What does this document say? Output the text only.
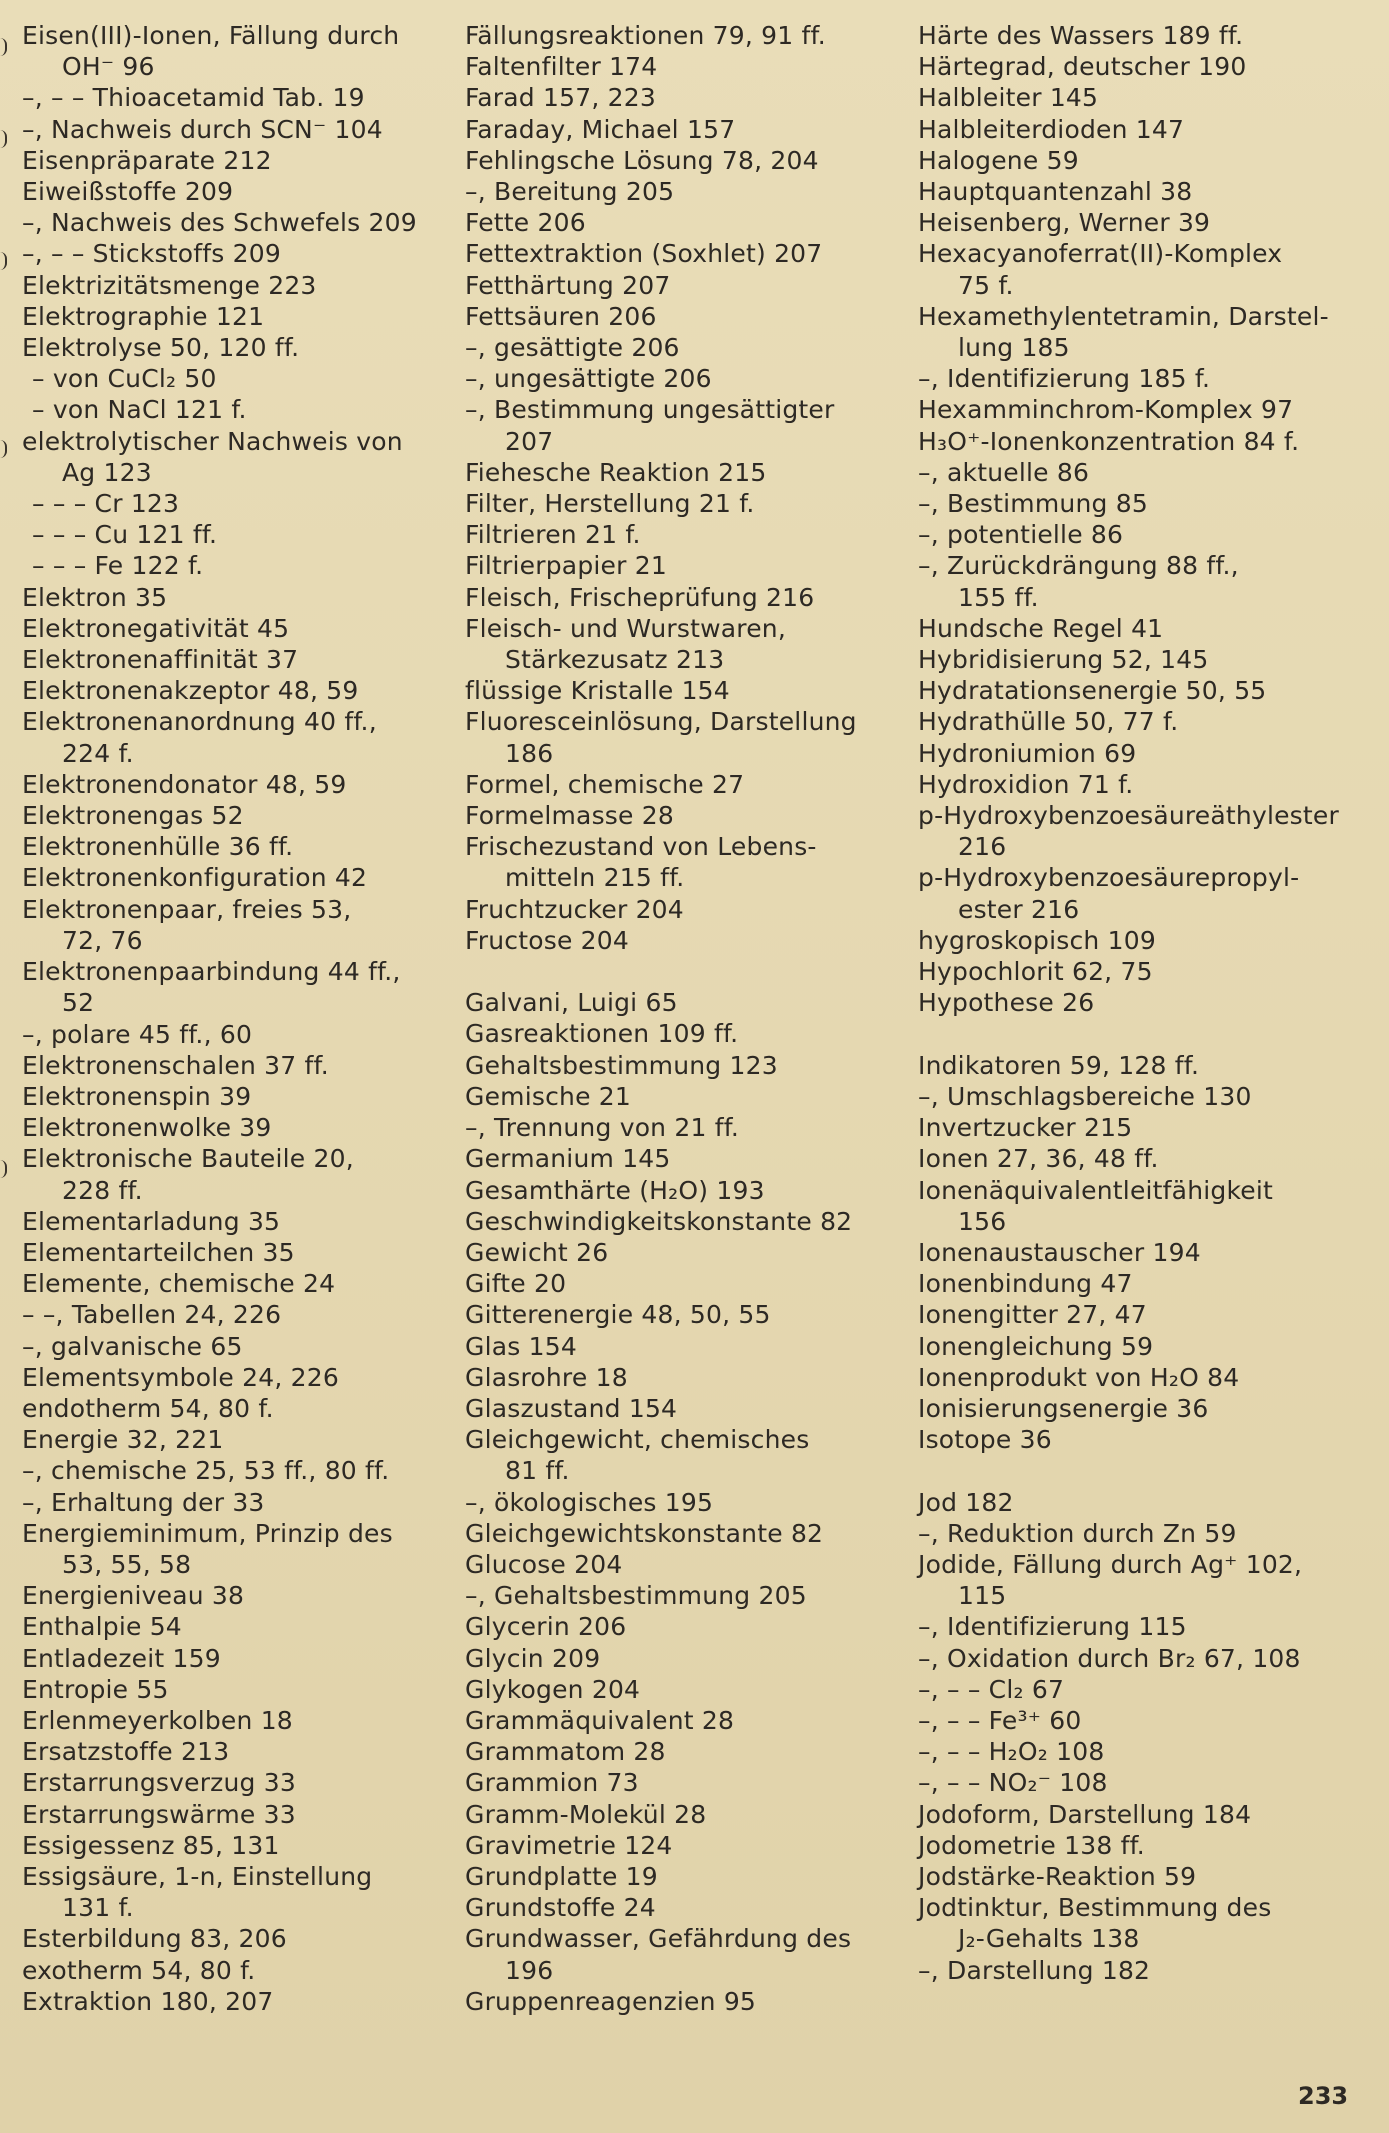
Eisen(III)-Ionen, Fällung durch
OH⁻ 96
–, – – Thioacetamid Tab. 19
–, Nachweis durch SCN⁻ 104
Eisenpräparate 212
Eiweißstoffe 209
–, Nachweis des Schwefels 209
–, – – Stickstoffs 209
Elektrizitätsmenge 223
Elektrographie 121
Elektrolyse 50, 120 ff.
– von CuCl₂ 50
– von NaCl 121 f.
elektrolytischer Nachweis von
Ag 123
– – – Cr 123
– – – Cu 121 ff.
– – – Fe 122 f.
Elektron 35
Elektronegativität 45
Elektronenaffinität 37
Elektronenakzeptor 48, 59
Elektronenanordnung 40 ff.,
224 f.
Elektronendonator 48, 59
Elektronengas 52
Elektronenhülle 36 ff.
Elektronenkonfiguration 42
Elektronenpaar, freies 53,
72, 76
Elektronenpaarbindung 44 ff.,
52
–, polare 45 ff., 60
Elektronenschalen 37 ff.
Elektronenspin 39
Elektronenwolke 39
Elektronische Bauteile 20,
228 ff.
Elementarladung 35
Elementarteilchen 35
Elemente, chemische 24
– –, Tabellen 24, 226
–, galvanische 65
Elementsymbole 24, 226
endotherm 54, 80 f.
Energie 32, 221
–, chemische 25, 53 ff., 80 ff.
–, Erhaltung der 33
Energieminimum, Prinzip des
53, 55, 58
Energieniveau 38
Enthalpie 54
Entladezeit 159
Entropie 55
Erlenmeyerkolben 18
Ersatzstoffe 213
Erstarrungsverzug 33
Erstarrungswärme 33
Essigessenz 85, 131
Essigsäure, 1-n, Einstellung
131 f.
Esterbildung 83, 206
exotherm 54, 80 f.
Extraktion 180, 207
Fällungsreaktionen 79, 91 ff.
Faltenfilter 174
Farad 157, 223
Faraday, Michael 157
Fehlingsche Lösung 78, 204
–, Bereitung 205
Fette 206
Fettextraktion (Soxhlet) 207
Fetthärtung 207
Fettsäuren 206
–, gesättigte 206
–, ungesättigte 206
–, Bestimmung ungesättigter
207
Fiehesche Reaktion 215
Filter, Herstellung 21 f.
Filtrieren 21 f.
Filtrierpapier 21
Fleisch, Frischeprüfung 216
Fleisch- und Wurstwaren,
Stärkezusatz 213
flüssige Kristalle 154
Fluoresceinlösung, Darstellung
186
Formel, chemische 27
Formelmasse 28
Frischezustand von Lebens-
mitteln 215 ff.
Fruchtzucker 204
Fructose 204
Galvani, Luigi 65
Gasreaktionen 109 ff.
Gehaltsbestimmung 123
Gemische 21
–, Trennung von 21 ff.
Germanium 145
Gesamthärte (H₂O) 193
Geschwindigkeitskonstante 82
Gewicht 26
Gifte 20
Gitterenergie 48, 50, 55
Glas 154
Glasrohre 18
Glaszustand 154
Gleichgewicht, chemisches
81 ff.
–, ökologisches 195
Gleichgewichtskonstante 82
Glucose 204
–, Gehaltsbestimmung 205
Glycerin 206
Glycin 209
Glykogen 204
Grammäquivalent 28
Grammatom 28
Grammion 73
Gramm-Molekül 28
Gravimetrie 124
Grundplatte 19
Grundstoffe 24
Grundwasser, Gefährdung des
196
Gruppenreagenzien 95
Härte des Wassers 189 ff.
Härtegrad, deutscher 190
Halbleiter 145
Halbleiterdioden 147
Halogene 59
Hauptquantenzahl 38
Heisenberg, Werner 39
Hexacyanoferrat(II)-Komplex
75 f.
Hexamethylentetramin, Darstel-
lung 185
–, Identifizierung 185 f.
Hexamminchrom-Komplex 97
H₃O⁺-Ionenkonzentration 84 f.
–, aktuelle 86
–, Bestimmung 85
–, potentielle 86
–, Zurückdrängung 88 ff.,
155 ff.
Hundsche Regel 41
Hybridisierung 52, 145
Hydratationsenergie 50, 55
Hydrathülle 50, 77 f.
Hydroniumion 69
Hydroxidion 71 f.
p-Hydroxybenzoesäureäthylester
216
p-Hydroxybenzoesäurepropyl-
ester 216
hygroskopisch 109
Hypochlorit 62, 75
Hypothese 26
Indikatoren 59, 128 ff.
–, Umschlagsbereiche 130
Invertzucker 215
Ionen 27, 36, 48 ff.
Ionenäquivalentleitfähigkeit
156
Ionenaustauscher 194
Ionenbindung 47
Ionengitter 27, 47
Ionengleichung 59
Ionenprodukt von H₂O 84
Ionisierungsenergie 36
Isotope 36
Jod 182
–, Reduktion durch Zn 59
Jodide, Fällung durch Ag⁺ 102,
115
–, Identifizierung 115
–, Oxidation durch Br₂ 67, 108
–, – – Cl₂ 67
–, – – Fe³⁺ 60
–, – – H₂O₂ 108
–, – – NO₂⁻ 108
Jodoform, Darstellung 184
Jodometrie 138 ff.
Jodstärke-Reaktion 59
Jodtinktur, Bestimmung des
J₂-Gehalts 138
–, Darstellung 182
233
